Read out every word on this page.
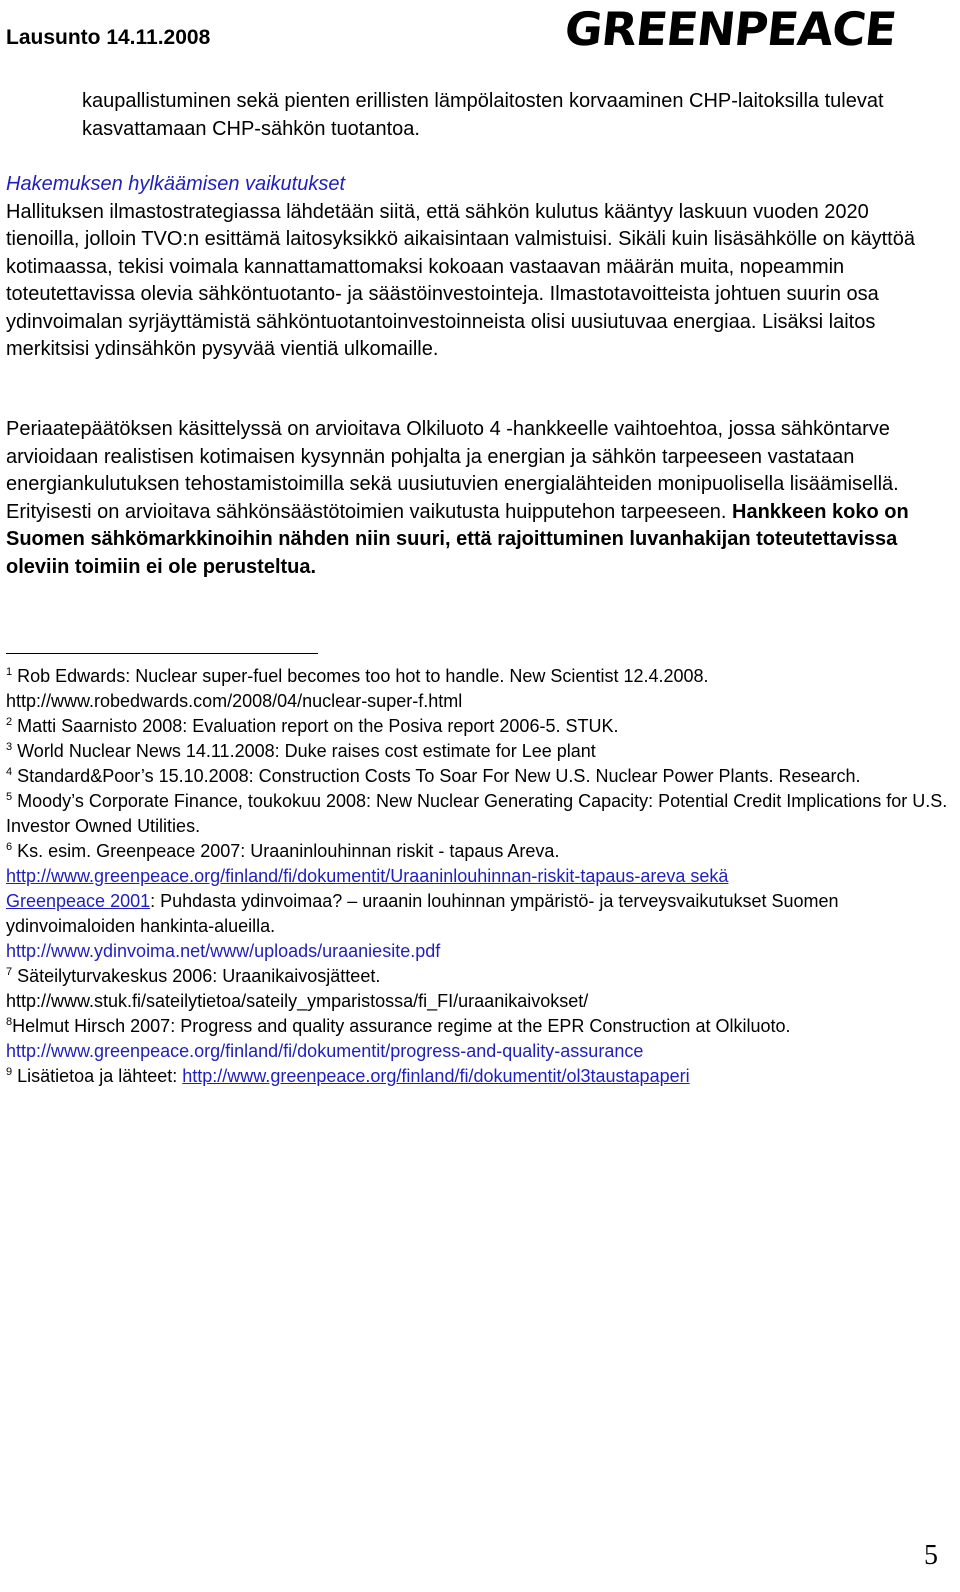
Lausunto 14.11.2008	GREENPEACE

kaupallistuminen sekä pienten erillisten lämpölaitosten korvaaminen CHP-laitoksilla tulevat kasvattamaan CHP-sähkön tuotantoa.

Hakemuksen hylkäämisen vaikutukset
Hallituksen ilmastostrategiassa lähdetään siitä, että sähkön kulutus kääntyy laskuun vuoden 2020 tienoilla, jolloin TVO:n esittämä laitosyksikkö aikaisintaan valmistuisi. Sikäli kuin lisäsähkölle on käyttöä kotimaassa, tekisi voimala kannattamattomaksi kokoaan vastaavan määrän muita, nopeammin toteutettavissa olevia sähköntuotanto- ja säästöinvestointeja. Ilmastotavoitteista johtuen suurin osa ydinvoimalan syrjäyttämistä sähköntuotantoinvestoinneista olisi uusiutuvaa energiaa. Lisäksi laitos merkitsisi ydinsähkön pysyvää vientiä ulkomaille.
Periaatepäätöksen käsittelyssä on arvioitava Olkiluoto 4 -hankkeelle vaihtoehtoa, jossa sähköntarve arvioidaan realistisen kotimaisen kysynnän pohjalta ja energian ja sähkön tarpeeseen vastataan energiankulutuksen tehostamistoimilla sekä uusiutuvien energialähteiden monipuolisella lisäämisellä. Erityisesti on arvioitava sähkönsäästötoimien vaikutusta huipputehon tarpeeseen. Hankkeen koko on Suomen sähkömarkkinoihin nähden niin suuri, että rajoittuminen luvanhakijan toteutettavissa oleviin toimiin ei ole perusteltua.

$^1$ Rob Edwards: Nuclear super-fuel becomes too hot to handle. New Scientist 12.4.2008. http://www.robedwards.com/2008/04/nuclear-super-f.html

$^2$ Matti Saarnisto 2008: Evaluation report on the Posiva report 2006-5. STUK.

$^3$ World Nuclear News 14.11.2008: Duke raises cost estimate for Lee plant

$^4$ Standard&Poor’s 15.10.2008: Construction Costs To Soar For New U.S. Nuclear Power Plants. Research.

$^5$ Moody’s Corporate Finance, toukokuu 2008: New Nuclear Generating Capacity: Potential Credit Implications for U.S. Investor Owned Utilities.

$^6$ Ks. esim. Greenpeace 2007: Uraaninlouhinnan riskit - tapaus Areva.
http://www.greenpeace.org/finland/fi/dokumentit/Uraaninlouhinnan-riskit-tapaus-areva sekä
Greenpeace 2001: Puhdasta ydinvoimaa? – uraanin louhinnan ympäristö- ja terveysvaikutukset Suomen ydinvoimaloiden hankinta-alueilla.
http://www.ydinvoima.net/www/uploads/uraaniesite.pdf

$^7$ Säteilyturvakeskus 2006: Uraanikaivosjätteet. http://www.stuk.fi/sateilytietoa/sateily_ymparistossa/fi_FI/uraanikaivokset/

$^8$Helmut Hirsch 2007: Progress and quality assurance regime at the EPR Construction at Olkiluoto. http://www.greenpeace.org/finland/fi/dokumentit/progress-and-quality-assurance

$^9$ Lisätietoa ja lähteet: http://www.greenpeace.org/finland/fi/dokumentit/ol3taustapaperi

5
